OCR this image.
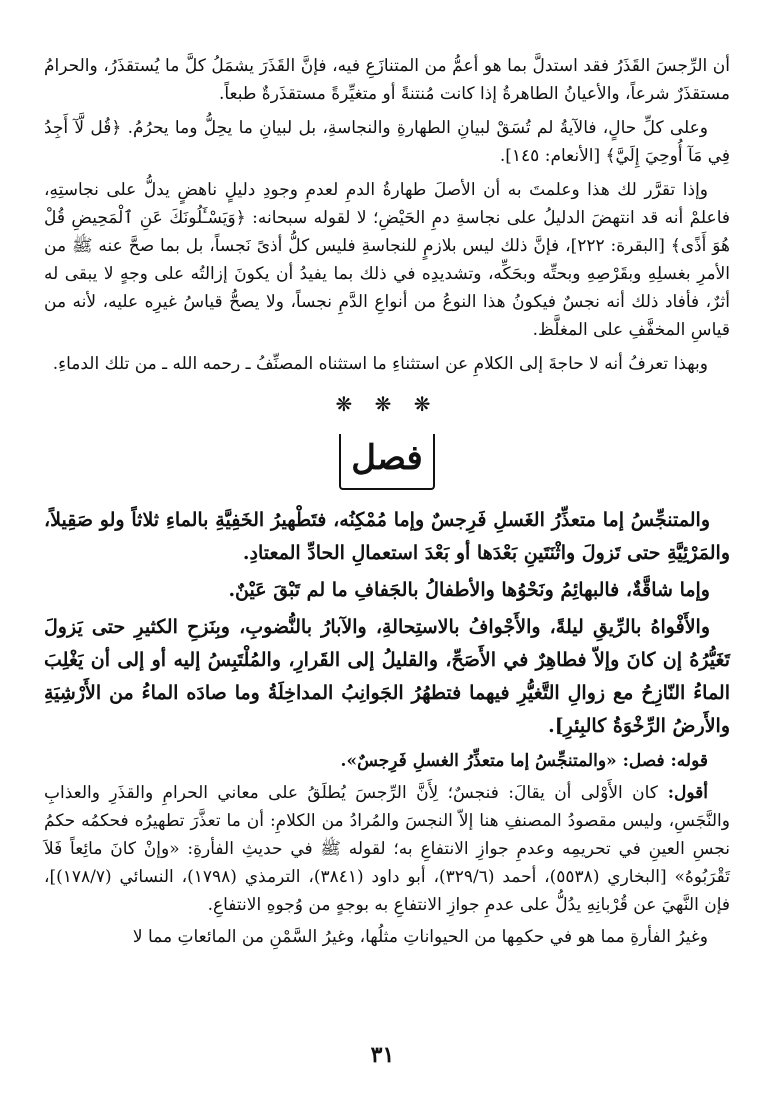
أن الرِّجسَ القَذَرُ فقد استدلَّ بما هو أعمُّ من المتنازَعِ فيه، فإنَّ القَذَرَ يشمَلُ كلَّ ما يُستقذَرُ، والحرامُ مستقذَرٌ شرعاً، والأعيانُ الطاهرةُ إذا كانت مُنتنةً أو متغيِّرةً مستقذَرةٌ طبعاً.

وعلى كلِّ حالٍ، فالآيةُ لم تُسَقْ لبيانِ الطهارةِ والنجاسةِ، بل لبيانِ ما يحِلُّ وما يحرُمُ. ﴿قُل لَّآ أَجِدُ فِي مَآ أُوحِيَ إِلَيَّ﴾ [الأنعام: ١٤٥].

وإذا تقرَّر لك هذا وعلمتَ به أن الأصلَ طهارةُ الدمِ لعدمِ وجودِ دليلٍ ناهضٍ يدلُّ على نجاستِهِ، فاعلمْ أنه قد انتهضَ الدليلُ على نجاسةِ دمِ الحَيْضِ؛ لا لقوله سبحانه: ﴿وَيَسْـَٔلُونَكَ عَنِ ٱلْمَحِيضِ قُلْ هُوَ أَذًى﴾ [البقرة: ٢٢٢]، فإنَّ ذلك ليس بلازمٍ للنجاسةِ فليس كلُّ أذىً نَجساً، بل بما صحَّ عنه ﷺ من الأمرِ بغسلِهِ وبقَرْصِهِ وبحتِّه وبحَكِّه، وتشديدِه في ذلك بما يفيدُ أن يكونَ إزالتُه على وجهٍ لا يبقى له أثرٌ، فأفاد ذلك أنه نجسٌ فيكونُ هذا النوعُ من أنواعِ الدَّمِ نجساً، ولا يصحُّ قياسُ غيرِه عليه، لأنه من قياسِ المخفَّفِ على المغلَّظ.

وبهذا تعرفُ أنه لا حاجةَ إلى الكلامِ عن استثناءِ ما استثناه المصنِّفُ ـ رحمه الله ـ من تلك الدماءِ.

❋ ❋ ❋
فصل

والمتنجِّسُ إما متعذِّرُ الغَسلِ فَرِجسٌ وإما مُمْكِنُه، فتَطْهيرُ الخَفِيَّةِ بالماءِ ثلاثاً ولو صَقِيلاً، والمَرْئِيَّةِ حتى تَزولَ واثْنَتَينِ بَعْدَها أو بَعْدَ استعمالِ الحادِّ المعتادِ.

وإما شاقَّةٌ، فالبهائِمُ ونَحْوُها والأطفالُ بالجَفافِ ما لم تَبْقَ عَيْنٌ.

والأَفْواهُ بالرِّيقِ ليلةً، والأَجْوافُ بالاستِحالةِ، والآبارُ بالنُّضوبِ، وبِنَزحِ الكثيرِ حتى يَزولَ تَغَيُّرُهُ إن كانَ وإلاّ فطاهِرٌ في الأَصَحِّ، والقليلُ إلى القَرارِ، والمُلْتَبِسُ إليه أو إلى أن يَغْلِبَ الماءُ النّازِحُ مع زوالِ التَّغيُّرِ فيهما فتطهُرُ الجَوانِبُ المداخِلَةُ وما صادَه الماءُ من الأَرْشِيَةِ والأَرضُ الرِّخْوَةُ كالبِئرِ].

قوله: فصل: «والمتنجِّسُ إما متعذِّرُ الغسلِ فَرِجسٌ».

أقول: كان الأَوْلى أن يقالَ: فنجسٌ؛ لِأَنَّ الرِّجسَ يُطلَقُ على معاني الحرامِ والقذَرِ والعذابِ والنَّجَسِ، وليس مقصودُ المصنفِ هنا إلاّ النجسَ والمُرادُ من الكلامِ: أن ما تعذَّرَ تطهيرُه فحكمُه حكمُ نجسِ العينِ في تحريمِه وعدمِ جوازِ الانتفاعِ به؛ لقوله ﷺ في حديثِ الفأرةِ: «وإنْ كانَ مائِعاً فَلاَ تَقْرَبُوهُ» [البخاري (٥٥٣٨)، أحمد (٣٢٩/٦)، أبو داود (٣٨٤١)، الترمذي (١٧٩٨)، النسائي (١٧٨/٧)]، فإن النَّهيَ عن قُرْبانِهِ يدُلُّ على عدمِ جوازِ الانتفاعِ به بوجهٍ من وُجوهِ الانتفاعِ.

وغيرُ الفأرةِ مما هو في حكمِها من الحيواناتِ مثلُها، وغيرُ السَّمْنِ من المائعاتِ مما لا

٣١
